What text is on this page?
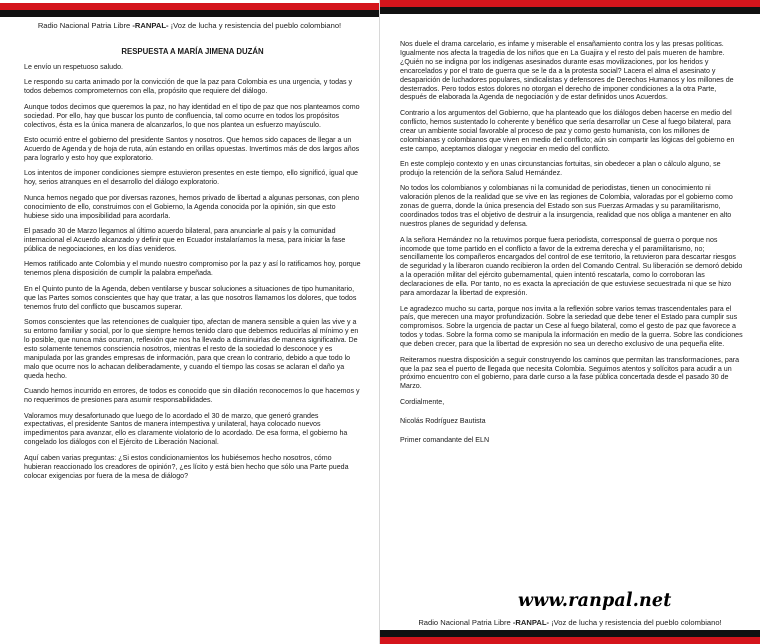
Radio Nacional Patria Libre -RANPAL- ¡Voz de lucha y resistencia del pueblo colombiano!
RESPUESTA A MARÍA JIMENA DUZÁN

Le envío un respetuoso saludo.

Le respondo su carta animado por la convicción de que la paz para Colombia es una urgencia, y todas y todos debemos comprometernos con ella, propósito que requiere del diálogo.

Aunque todos decimos que queremos la paz, no hay identidad en el tipo de paz que nos planteamos como sociedad. Por ello, hay que buscar los punto de confluencia, tal como ocurre en todos los propósitos colectivos, ésta es la única manera de alcanzarlos, lo que nos plantea un esfuerzo mayúsculo.

Esto ocurrió entre el gobierno del presidente Santos y nosotros. Que hemos sido capaces de llegar a un Acuerdo de Agenda y de hoja de ruta, aún estando en orillas opuestas. Invertimos más de dos largos años para lograrlo y esto hoy que exploratorio.

Los intentos de imponer condiciones siempre estuvieron presentes en este tiempo, ello significó, igual que hoy, serios atranques en el desarrollo del diálogo exploratorio.

Nunca hemos negado que por diversas razones, hemos privado de libertad a algunas personas, con pleno conocimiento de ello, construimos con el Gobierno, la Agenda conocida por la opinión, sin que esto hubiese sido una imposibilidad para acordarla.

El pasado 30 de Marzo llegamos al último acuerdo bilateral, para anunciarle al país y la comunidad internacional el Acuerdo alcanzado y definir que en Ecuador instalaríamos la mesa, para iniciar la fase pública de negociaciones, en los días venideros.

Hemos ratificado ante Colombia y el mundo nuestro compromiso por la paz y así lo ratificamos hoy, porque tenemos plena disposición de cumplir la palabra empeñada.

En el Quinto punto de la Agenda, deben ventilarse y buscar soluciones a situaciones de tipo humanitario, que las Partes somos conscientes que hay que tratar, a las que nosotros llamamos los dolores, que todos tenemos fruto del conflicto que buscamos superar.

Somos conscientes que las retenciones de cualquier tipo, afectan de manera sensible a quien las vive y a su entorno familiar y social, por lo que siempre hemos tenido claro que debemos reducirlas al mínimo y en lo posible, que nunca más ocurran, reflexión que nos ha llevado a disminuirlas de manera significativa. De esto solamente tenemos consciencia nosotros, mientras el resto de la sociedad lo desconoce y es manipulada por las grandes empresas de información, para que crean lo contrario, debido a que todo lo malo que ocurre nos lo achacan deliberadamente, y cuando el tiempo las cosas se aclaran el daño ya queda hecho.

Cuando hemos incurrido en errores, de todos es conocido que sin dilación reconocemos lo que hacemos y no requerimos de presiones para asumir responsabilidades.

Valoramos muy desafortunado que luego de lo acordado el 30 de marzo, que generó grandes expectativas, el presidente Santos de manera intempestiva y unilateral, haya colocado nuevos impedimentos para avanzar, ello es claramente violatorio de lo acordado. De esa forma, el gobierno ha congelado los diálogos con el Ejército de Liberación Nacional.

Aquí caben varias preguntas: ¿Si estos condicionamientos los hubiésemos hecho nosotros, cómo hubieran reaccionado los creadores de opinión?, ¿es lícito y está bien hecho que sólo una Parte pueda colocar exigencias por fuera de la mesa de diálogo?

Nos duele el drama carcelario, es infame y miserable el ensañamiento contra los y las presas políticas. Igualmente nos afecta la tragedia de los niños que en La Guajira y el resto del país mueren de hambre. ¿Quién no se indigna por los indígenas asesinados durante esas movilizaciones, por los heridos y encarcelados y por el trato de guerra que se le da a la protesta social? Lacera el alma el asesinato y desaparición de luchadores populares, sindicalistas y defensores de Derechos Humanos y los millones de desterrados. Pero todos estos dolores no otorgan el derecho de imponer condiciones a la otra Parte, después de elaborada la Agenda de negociación y de estar definidos unos Acuerdos.

Contrario a los argumentos del Gobierno, que ha planteado que los diálogos deben hacerse en medio del conflicto, hemos sustentado lo coherente y benéfico que sería desarrollar un Cese al fuego bilateral, para crear un ambiente social favorable al proceso de paz y como gesto humanista, con los millones de colombianas y colombianos que viven en medio del conflicto; aún sin compartir las lógicas del gobierno en este campo, aceptamos dialogar y negociar en medio del conflicto.

En este complejo contexto y en unas circunstancias fortuitas, sin obedecer a plan o cálculo alguno, se produjo la retención de la señora Salud Hernández.

No todos los colombianos y colombianas ni la comunidad de periodistas, tienen un conocimiento ni valoración plenos de la realidad que se vive en las regiones de Colombia, valoradas por el gobierno como zonas de guerra, donde la única presencia del Estado son sus Fuerzas Armadas y su paramilitarismo, coordinados todos tras el objetivo de destruir a la insurgencia, realidad que nos obliga a mantener en alto nuestros planes de seguridad y defensa.

A la señora Hernández no la retuvimos porque fuera periodista, corresponsal de guerra o porque nos incomode que tome partido en el conflicto a favor de la extrema derecha y el paramilitarismo, no; sencillamente los compañeros encargados del control de ese territorio, la retuvieron para descartar riesgos de seguridad y la liberaron cuando recibieron la orden del Comando Central. Su liberación se demoró debido a la operación militar del ejército gubernamental, quien intentó rescatarla, como lo corroboran las declaraciones de ella. Por tanto, no es exacta la apreciación de que estuviese secuestrada ni que se hizo para amordazar la libertad de expresión.

Le agradezco mucho su carta, porque nos invita a la reflexión sobre varios temas trascendentales para el país, que merecen una mayor profundización. Sobre la seriedad que debe tener el Estado para cumplir sus compromisos. Sobre la urgencia de pactar un Cese al fuego bilateral, como el gesto de paz que favorece a todos y todas. Sobre la forma como se manipula la información en medio de la guerra. Sobre las condiciones que deben crecer, para que la libertad de expresión no sea un derecho exclusivo de una pequeña elite.

Reiteramos nuestra disposición a seguir construyendo los caminos que permitan las transformaciones, para que la paz sea el puerto de llegada que necesita Colombia. Seguimos atentos y solícitos para acudir a un próximo encuentro con el gobierno, para darle curso a la fase pública concertada desde el pasado 30 de Marzo.

Cordialmente,

Nicolás Rodríguez Bautista

Primer comandante del ELN

www.ranpal.net
Radio Nacional Patria Libre -RANPAL- ¡Voz de lucha y resistencia del pueblo colombiano!
